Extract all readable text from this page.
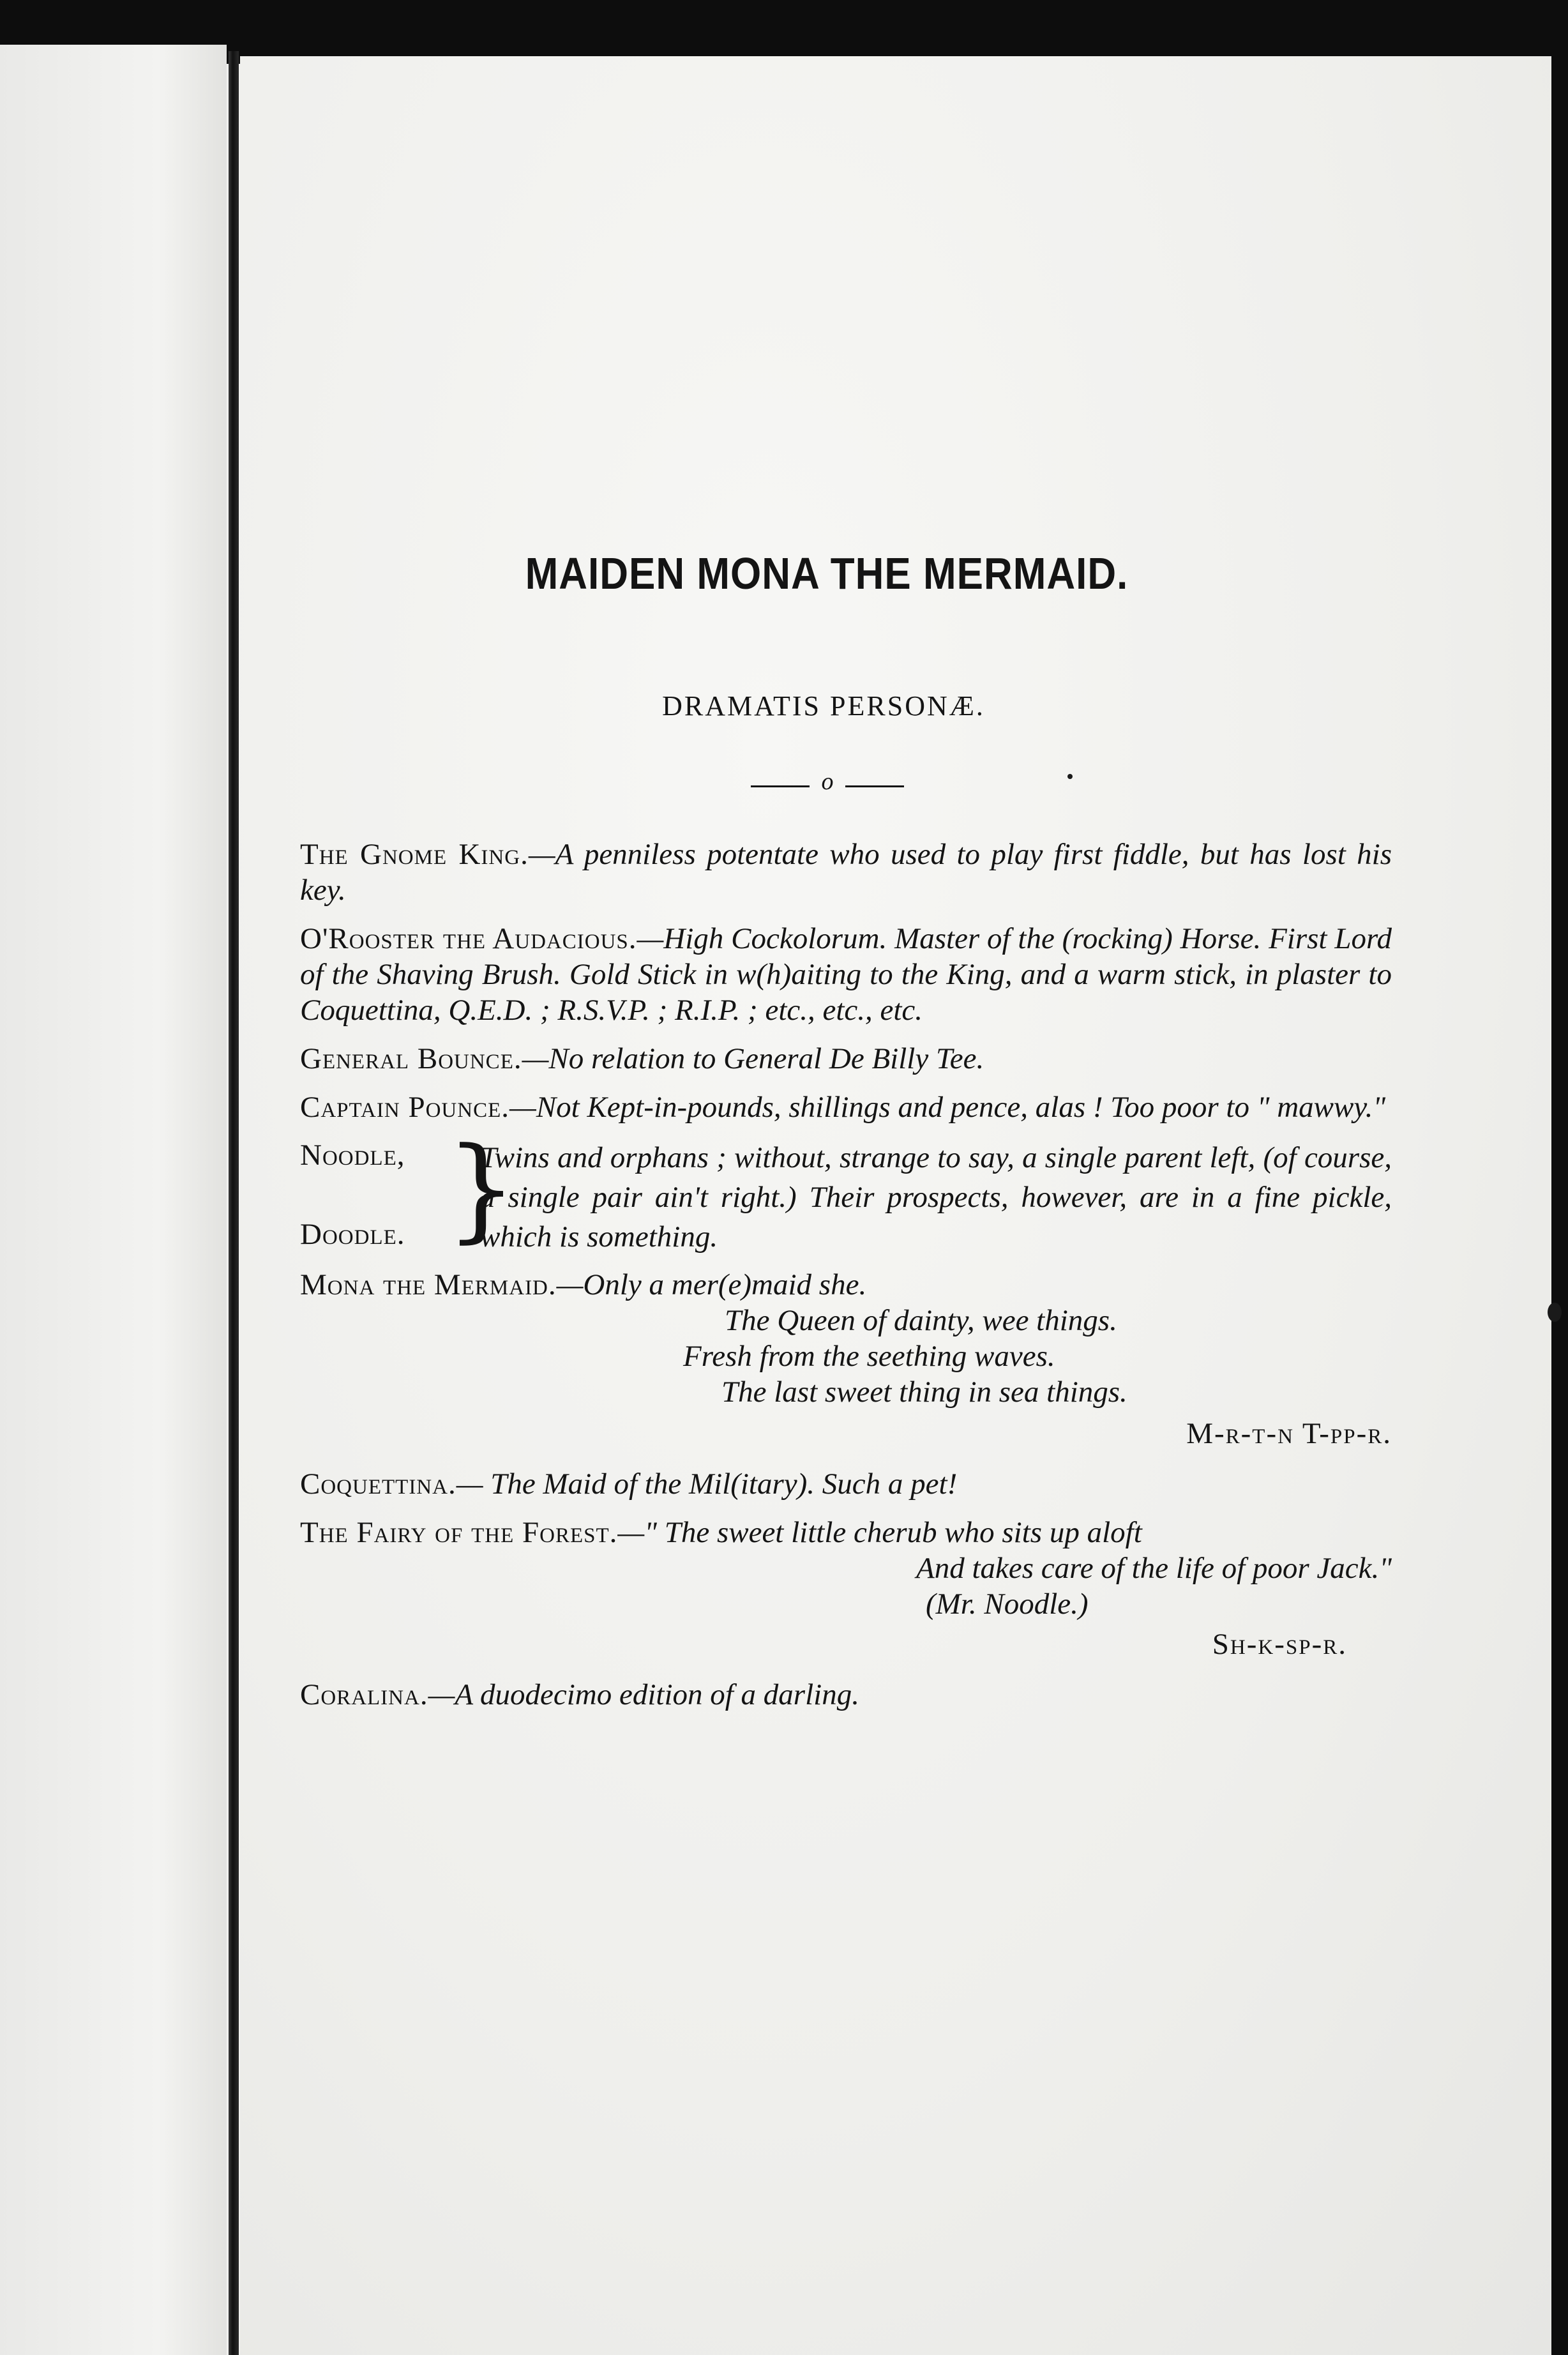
MAIDEN MONA THE MERMAID.
DRAMATIS PERSONÆ.
o
The Gnome King.—A penniless potentate who used to play first fiddle, but has lost his key.
O'Rooster the Audacious.—High Cockolorum. Master of the (rocking) Horse. First Lord of the Shaving Brush. Gold Stick in w(h)aiting to the King, and a warm stick, in plaster to Coquettina, Q.E.D. ; R.S.V.P. ; R.I.P. ; etc., etc., etc.
General Bounce.—No relation to General De Billy Tee.
Captain Pounce.—Not Kept-in-pounds, shillings and pence, alas ! Too poor to " mawwy."
Noodle,
Doodle. }
Twins and orphans ; without, strange to say, a single parent left, (of course, a single pair ain't right.) Their prospects, however, are in a fine pickle, which is something.
Mona the Mermaid.—Only a mer(e)maid she.
The Queen of dainty, wee things.
Fresh from the seething waves.
The last sweet thing in sea things.
M-r-t-n T-pp-r.
Coquettina.— The Maid of the Mil(itary). Such a pet!
The Fairy of the Forest.—" The sweet little cherub who sits up aloft
And takes care of the life of poor Jack."
(Mr. Noodle.)
Sh-k-sp-r.
Coralina.—A duodecimo edition of a darling.
